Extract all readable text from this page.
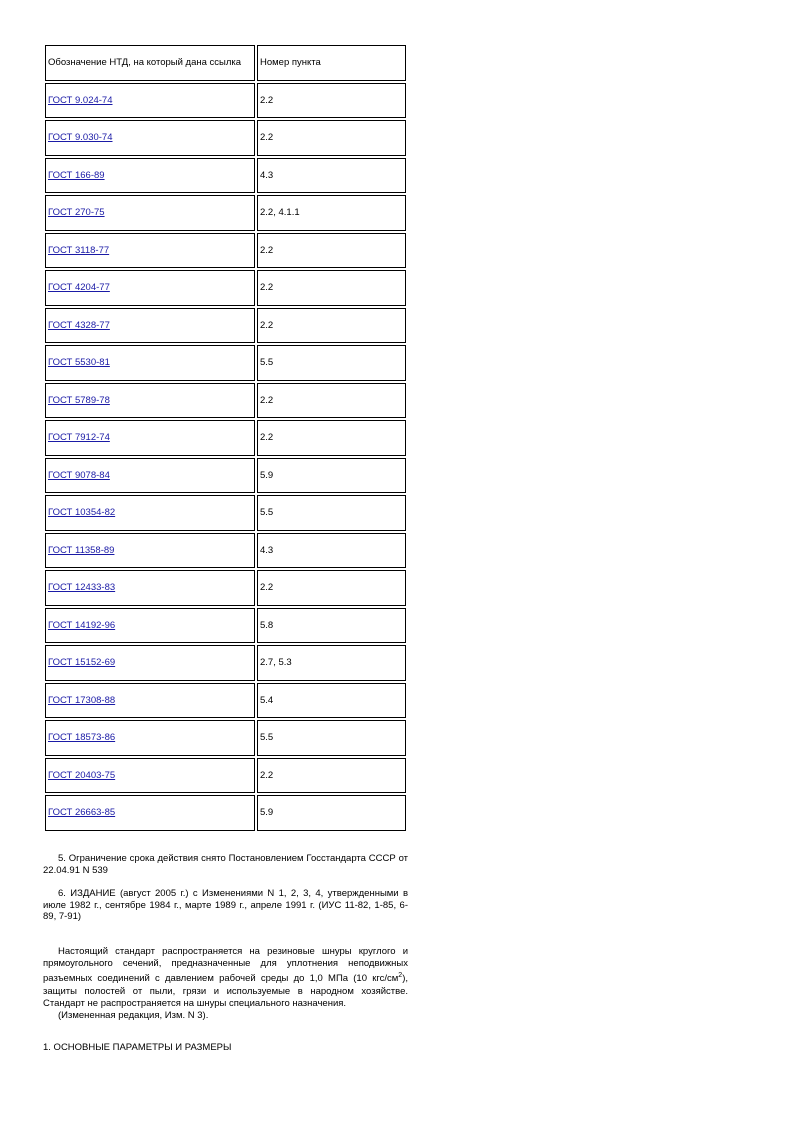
Обозначение НТД, на который дана ссылка	Номер пункта
ГОСТ 9.024-74	2.2
ГОСТ 9.030-74	2.2
ГОСТ 166-89	4.3
ГОСТ 270-75	2.2, 4.1.1
ГОСТ 3118-77	2.2
ГОСТ 4204-77	2.2
ГОСТ 4328-77	2.2
ГОСТ 5530-81	5.5
ГОСТ 5789-78	2.2
ГОСТ 7912-74	2.2
ГОСТ 9078-84	5.9
ГОСТ 10354-82	5.5
ГОСТ 11358-89	4.3
ГОСТ 12433-83	2.2
ГОСТ 14192-96	5.8
ГОСТ 15152-69	2.7, 5.3
ГОСТ 17308-88	5.4
ГОСТ 18573-86	5.5
ГОСТ 20403-75	2.2
ГОСТ 26663-85	5.9

5. Ограничение срока действия снято Постановлением Госстандарта СССР от 22.04.91 N 539

6. ИЗДАНИЕ (август 2005 г.) с Изменениями N 1, 2, 3, 4, утвержденными в июле 1982 г., сентябре 1984 г., марте 1989 г., апреле 1991 г. (ИУС 11-82, 1-85, 6-89, 7-91)

Настоящий стандарт распространяется на резиновые шнуры круглого и прямоугольного сечений, предназначенные для уплотнения неподвижных разъемных соединений с давлением рабочей среды до 1,0 МПа (10 кгс/$см^2$), защиты полостей от пыли, грязи и используемые в народном хозяйстве. Стандарт не распространяется на шнуры специального назначения.

(Измененная редакция, Изм. N 3).

1. ОСНОВНЫЕ ПАРАМЕТРЫ И РАЗМЕРЫ
